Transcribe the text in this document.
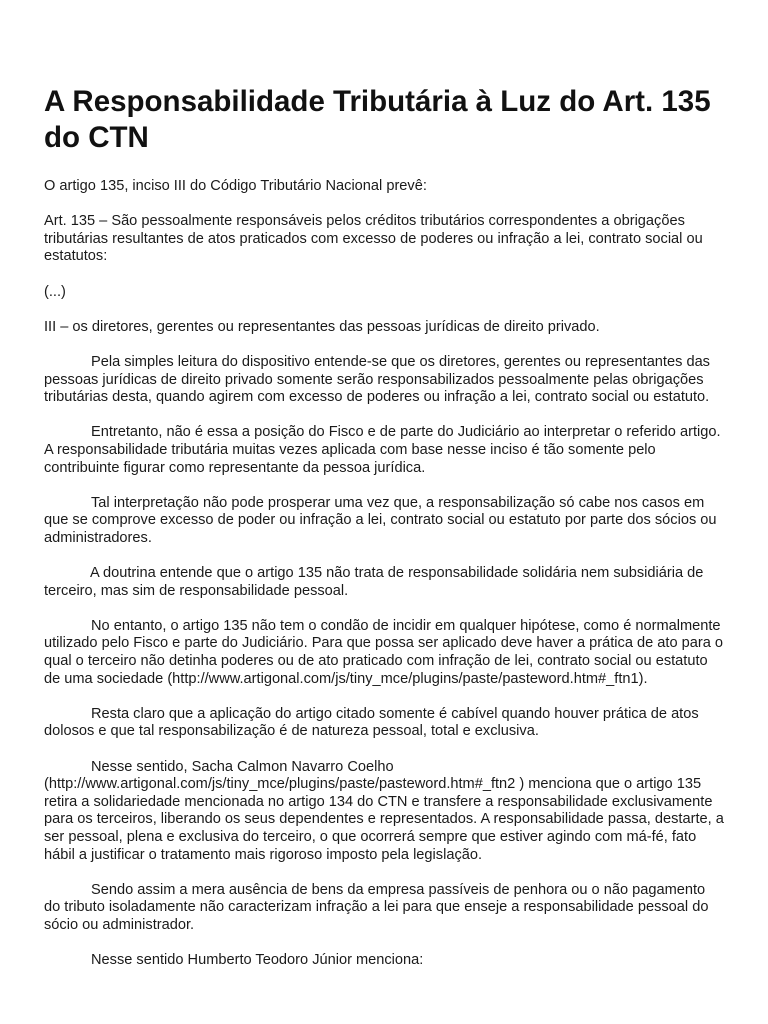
A Responsabilidade Tributária à Luz do Art. 135 do CTN

O artigo 135, inciso III do Código Tributário Nacional prevê:

Art. 135 – São pessoalmente responsáveis pelos créditos tributários correspondentes a obrigações tributárias resultantes de atos praticados com excesso de poderes ou infração a lei, contrato social ou estatutos:

(...)

III – os diretores, gerentes ou representantes das pessoas jurídicas de direito privado.

Pela simples leitura do dispositivo entende-se que os diretores, gerentes ou representantes das pessoas jurídicas de direito privado somente serão responsabilizados pessoalmente pelas obrigações tributárias desta, quando agirem com excesso de poderes ou infração a lei, contrato social ou estatuto.

Entretanto, não é essa a posição do Fisco e de parte do Judiciário ao interpretar o referido artigo. A responsabilidade tributária muitas vezes aplicada com base nesse inciso é tão somente pelo contribuinte figurar como representante da pessoa jurídica.

Tal interpretação não pode prosperar uma vez que, a responsabilização só cabe nos casos em que se comprove excesso de poder ou infração a lei, contrato social ou estatuto por parte dos sócios ou administradores.

A doutrina entende que o artigo 135 não trata de responsabilidade solidária nem subsidiária de terceiro, mas sim de responsabilidade pessoal.

No entanto, o artigo 135 não tem o condão de incidir em qualquer hipótese, como é normalmente utilizado pelo Fisco e parte do Judiciário. Para que possa ser aplicado deve haver a prática de ato para o qual o terceiro não detinha poderes ou de ato praticado com infração de lei, contrato social ou estatuto de uma sociedade (http://www.artigonal.com/js/tiny_mce/plugins/paste/pasteword.htm#_ftn1).

Resta claro que a aplicação do artigo citado somente é cabível quando houver prática de atos dolosos e que tal responsabilização é de natureza pessoal, total e exclusiva.

Nesse sentido, Sacha Calmon Navarro Coelho (http://www.artigonal.com/js/tiny_mce/plugins/paste/pasteword.htm#_ftn2 ) menciona que o artigo 135 retira a solidariedade mencionada no artigo 134 do CTN e transfere a responsabilidade exclusivamente para os terceiros, liberando os seus dependentes e representados. A responsabilidade passa, destarte, a ser pessoal, plena e exclusiva do terceiro, o que ocorrerá sempre que estiver agindo com má-fé, fato hábil a justificar o tratamento mais rigoroso imposto pela legislação.

Sendo assim a mera ausência de bens da empresa passíveis de penhora ou o não pagamento do tributo isoladamente não caracterizam infração a lei para que enseje a responsabilidade pessoal do sócio ou administrador.

Nesse sentido Humberto Teodoro Júnior menciona:
